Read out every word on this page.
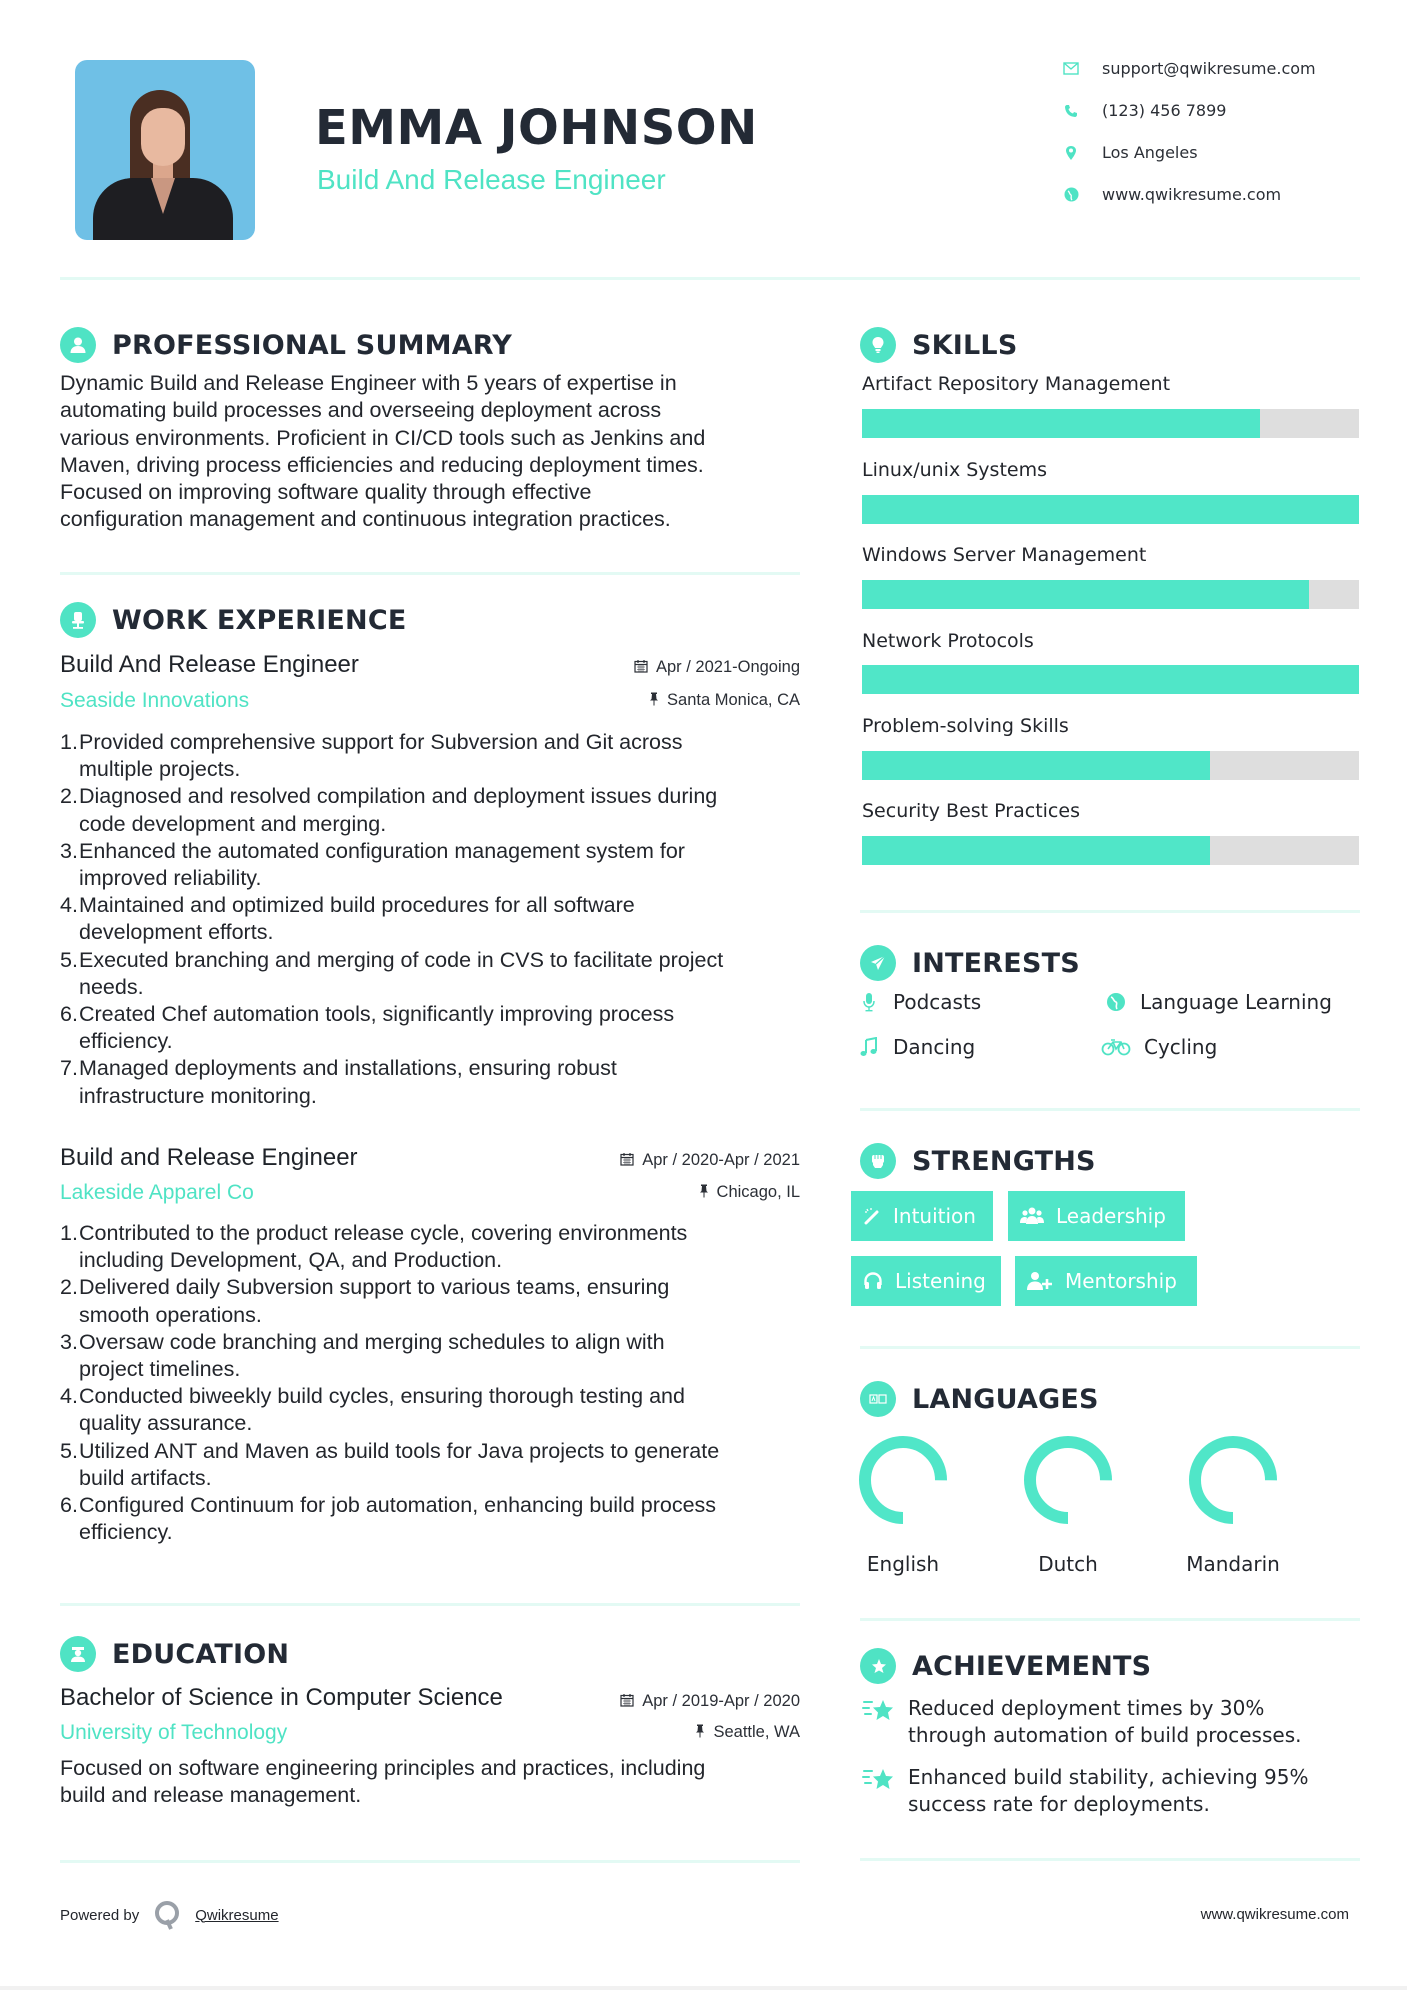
EMMA JOHNSON
Build And Release Engineer
support@qwikresume.com
(123) 456 7899
Los Angeles
www.qwikresume.com
PROFESSIONAL SUMMARY
Dynamic Build and Release Engineer with 5 years of expertise in
automating build processes and overseeing deployment across
various environments. Proficient in CI/CD tools such as Jenkins and
Maven, driving process efficiencies and reducing deployment times.
Focused on improving software quality through effective
configuration management and continuous integration practices.
WORK EXPERIENCE
Build And Release Engineer	Apr / 2021-Ongoing
Seaside Innovations	Santa Monica, CA
1. Provided comprehensive support for Subversion and Git across
multiple projects.
2. Diagnosed and resolved compilation and deployment issues during
code development and merging.
3. Enhanced the automated configuration management system for
improved reliability.
4. Maintained and optimized build procedures for all software
development efforts.
5. Executed branching and merging of code in CVS to facilitate project
needs.
6. Created Chef automation tools, significantly improving process
efficiency.
7. Managed deployments and installations, ensuring robust
infrastructure monitoring.
Build and Release Engineer	Apr / 2020-Apr / 2021
Lakeside Apparel Co	Chicago, IL
1. Contributed to the product release cycle, covering environments
including Development, QA, and Production.
2. Delivered daily Subversion support to various teams, ensuring
smooth operations.
3. Oversaw code branching and merging schedules to align with
project timelines.
4. Conducted biweekly build cycles, ensuring thorough testing and
quality assurance.
5. Utilized ANT and Maven as build tools for Java projects to generate
build artifacts.
6. Configured Continuum for job automation, enhancing build process
efficiency.
EDUCATION
Bachelor of Science in Computer Science	Apr / 2019-Apr / 2020
University of Technology	Seattle, WA
Focused on software engineering principles and practices, including
build and release management.
SKILLS
Artifact Repository Management
Linux/unix Systems
Windows Server Management
Network Protocols
Problem-solving Skills
Security Best Practices
INTERESTS
Podcasts	Language Learning
Dancing	Cycling
STRENGTHS
Intuition	Leadership
Listening	Mentorship
LANGUAGES
English	Dutch	Mandarin
ACHIEVEMENTS
Reduced deployment times by 30%
through automation of build processes.
Enhanced build stability, achieving 95%
success rate for deployments.
Powered by	Qwikresume	www.qwikresume.com
